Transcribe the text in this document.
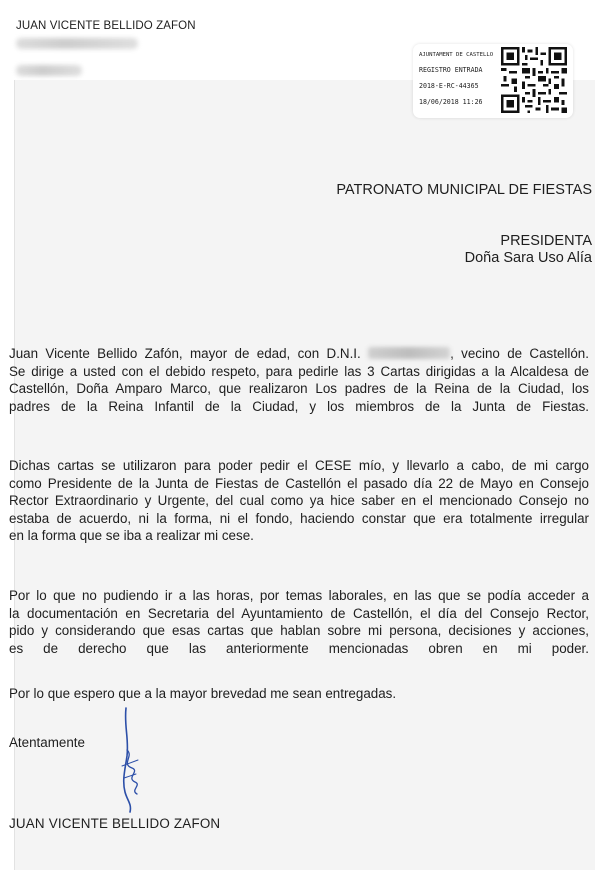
JUAN VICENTE BELLIDO ZAFON
AJUNTAMENT DE CASTELLO
REGISTRO ENTRADA
2018-E-RC-44365
18/06/2018 11:26
PATRONATO MUNICIPAL DE FIESTAS
PRESIDENTA
Doña Sara Uso Alía
Juan Vicente Bellido Zafón, mayor de edad, con D.N.I.	, vecino de Castellón.
Se dirige a usted con el debido respeto, para pedirle las 3 Cartas dirigidas a la Alcaldesa de
Castellón, Doña Amparo Marco, que realizaron Los padres de la Reina de la Ciudad, los
padres de la Reina Infantil de la Ciudad, y los miembros de la Junta de Fiestas.
Dichas cartas se utilizaron para poder pedir el CESE mío, y llevarlo a cabo, de mi cargo
como Presidente de la Junta de Fiestas de Castellón el pasado día 22 de Mayo en Consejo
Rector Extraordinario y Urgente, del cual como ya hice saber en el mencionado Consejo no
estaba de acuerdo, ni la forma, ni el fondo, haciendo constar que era totalmente irregular
en la forma que se iba a realizar mi cese.
Por lo que no pudiendo ir a las horas, por temas laborales, en las que se podía acceder a
la documentación en Secretaria del Ayuntamiento de Castellón, el día del Consejo Rector,
pido y considerando que esas cartas que hablan sobre mi persona, decisiones y acciones,
es de derecho que las anteriormente mencionadas obren en mi poder.
Por lo que espero que a la mayor brevedad me sean entregadas.
Atentamente
JUAN VICENTE BELLIDO ZAFON
